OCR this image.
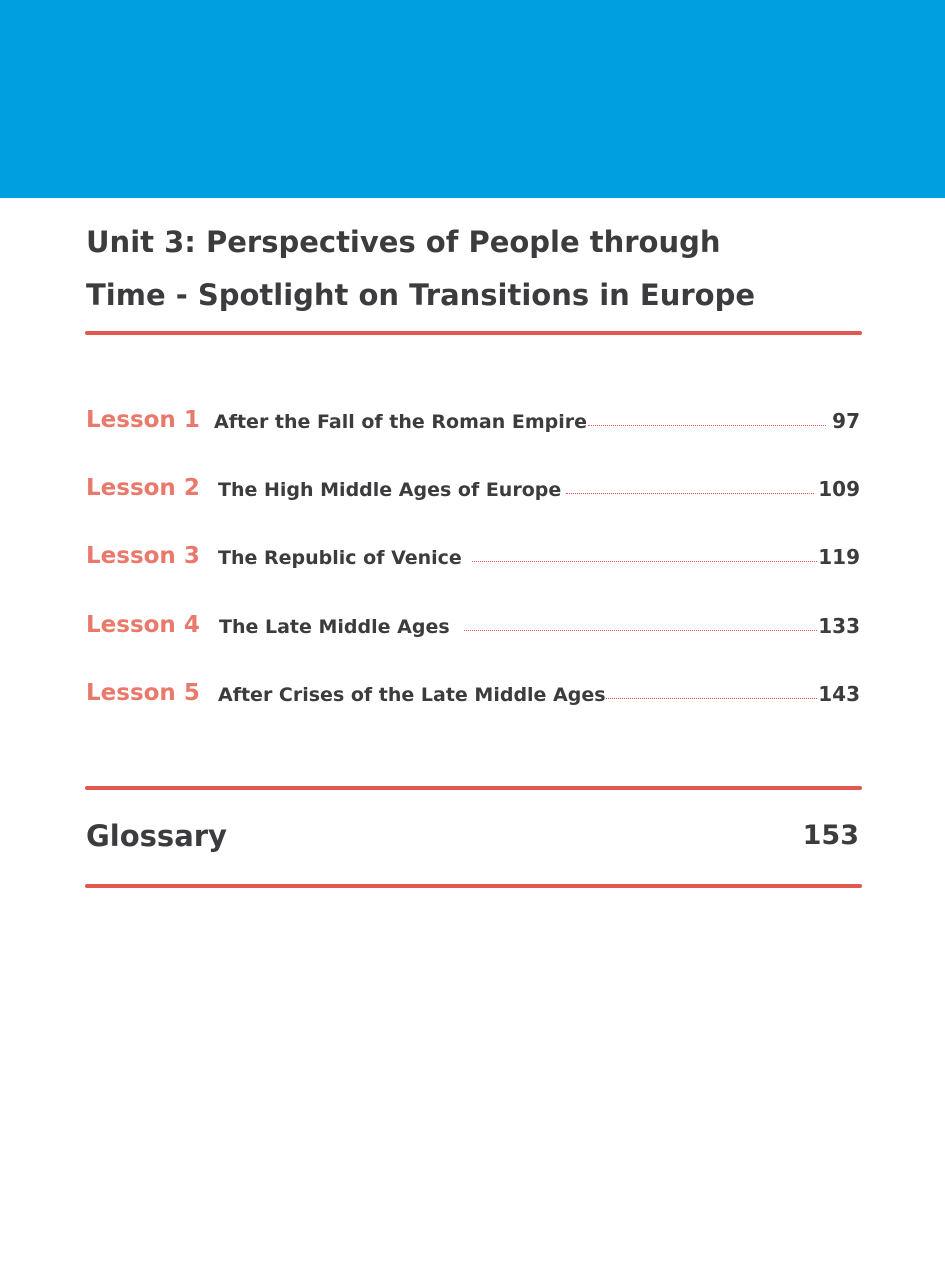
Unit 3: Perspectives of People through
Time - Spotlight on Transitions in Europe
Lesson 1 After the Fall of the Roman Empire	97
Lesson 2 The High Middle Ages of Europe	109
Lesson 3 The Republic of Venice	119
Lesson 4 The Late Middle Ages	133
Lesson 5 After Crises of the Late Middle Ages	143
Glossary	153
